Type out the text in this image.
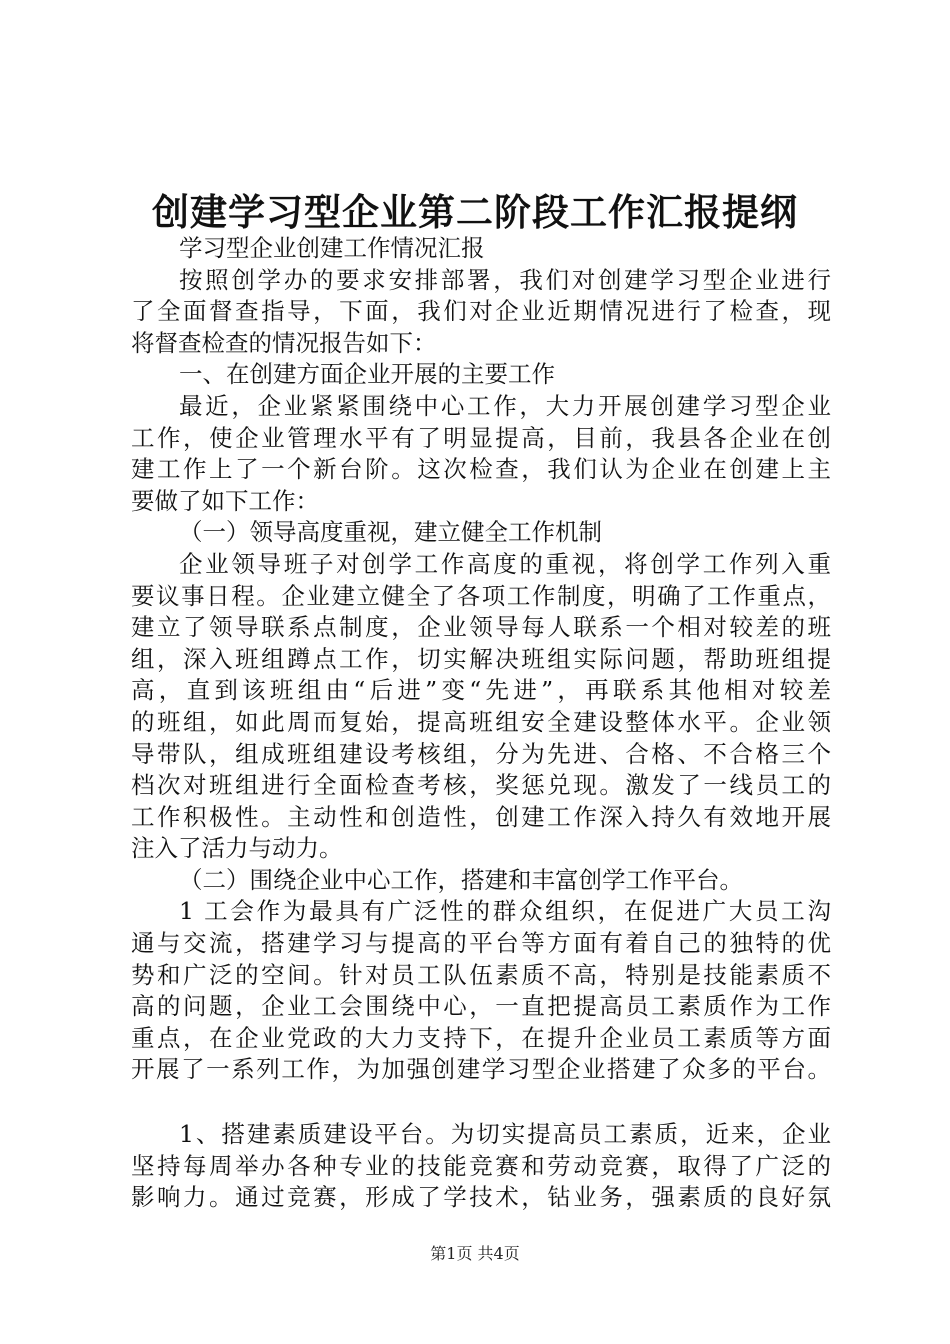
创建学习型企业第二阶段工作汇报提纲
学习型企业创建工作情况汇报
按照创学办的要求安排部署，我们对创建学习型企业进行
了全面督查指导，下面，我们对企业近期情况进行了检查，现
将督查检查的情况报告如下：
一、在创建方面企业开展的主要工作
最近，企业紧紧围绕中心工作，大力开展创建学习型企业
工作，使企业管理水平有了明显提高，目前，我县各企业在创
建工作上了一个新台阶。这次检查，我们认为企业在创建上主
要做了如下工作：
（一）领导高度重视，建立健全工作机制
企业领导班子对创学工作高度的重视，将创学工作列入重
要议事日程。企业建立健全了各项工作制度，明确了工作重点，
建立了领导联系点制度，企业领导每人联系一个相对较差的班
组，深入班组蹲点工作，切实解决班组实际问题，帮助班组提
高，直到该班组由“后进”变“先进”，再联系其他相对较差
的班组，如此周而复始，提高班组安全建设整体水平。企业领
导带队，组成班组建设考核组，分为先进、合格、不合格三个
档次对班组进行全面检查考核，奖惩兑现。激发了一线员工的
工作积极性。主动性和创造性，创建工作深入持久有效地开展
注入了活力与动力。
（二）围绕企业中心工作，搭建和丰富创学工作平台。
1 工会作为最具有广泛性的群众组织，在促进广大员工沟
通与交流，搭建学习与提高的平台等方面有着自己的独特的优
势和广泛的空间。针对员工队伍素质不高，特别是技能素质不
高的问题，企业工会围绕中心，一直把提高员工素质作为工作
重点，在企业党政的大力支持下，在提升企业员工素质等方面
开展了一系列工作，为加强创建学习型企业搭建了众多的平台。
1、搭建素质建设平台。为切实提高员工素质，近来，企业
坚持每周举办各种专业的技能竞赛和劳动竞赛，取得了广泛的
影响力。通过竞赛，形成了学技术，钻业务，强素质的良好氛
第1页 共4页
